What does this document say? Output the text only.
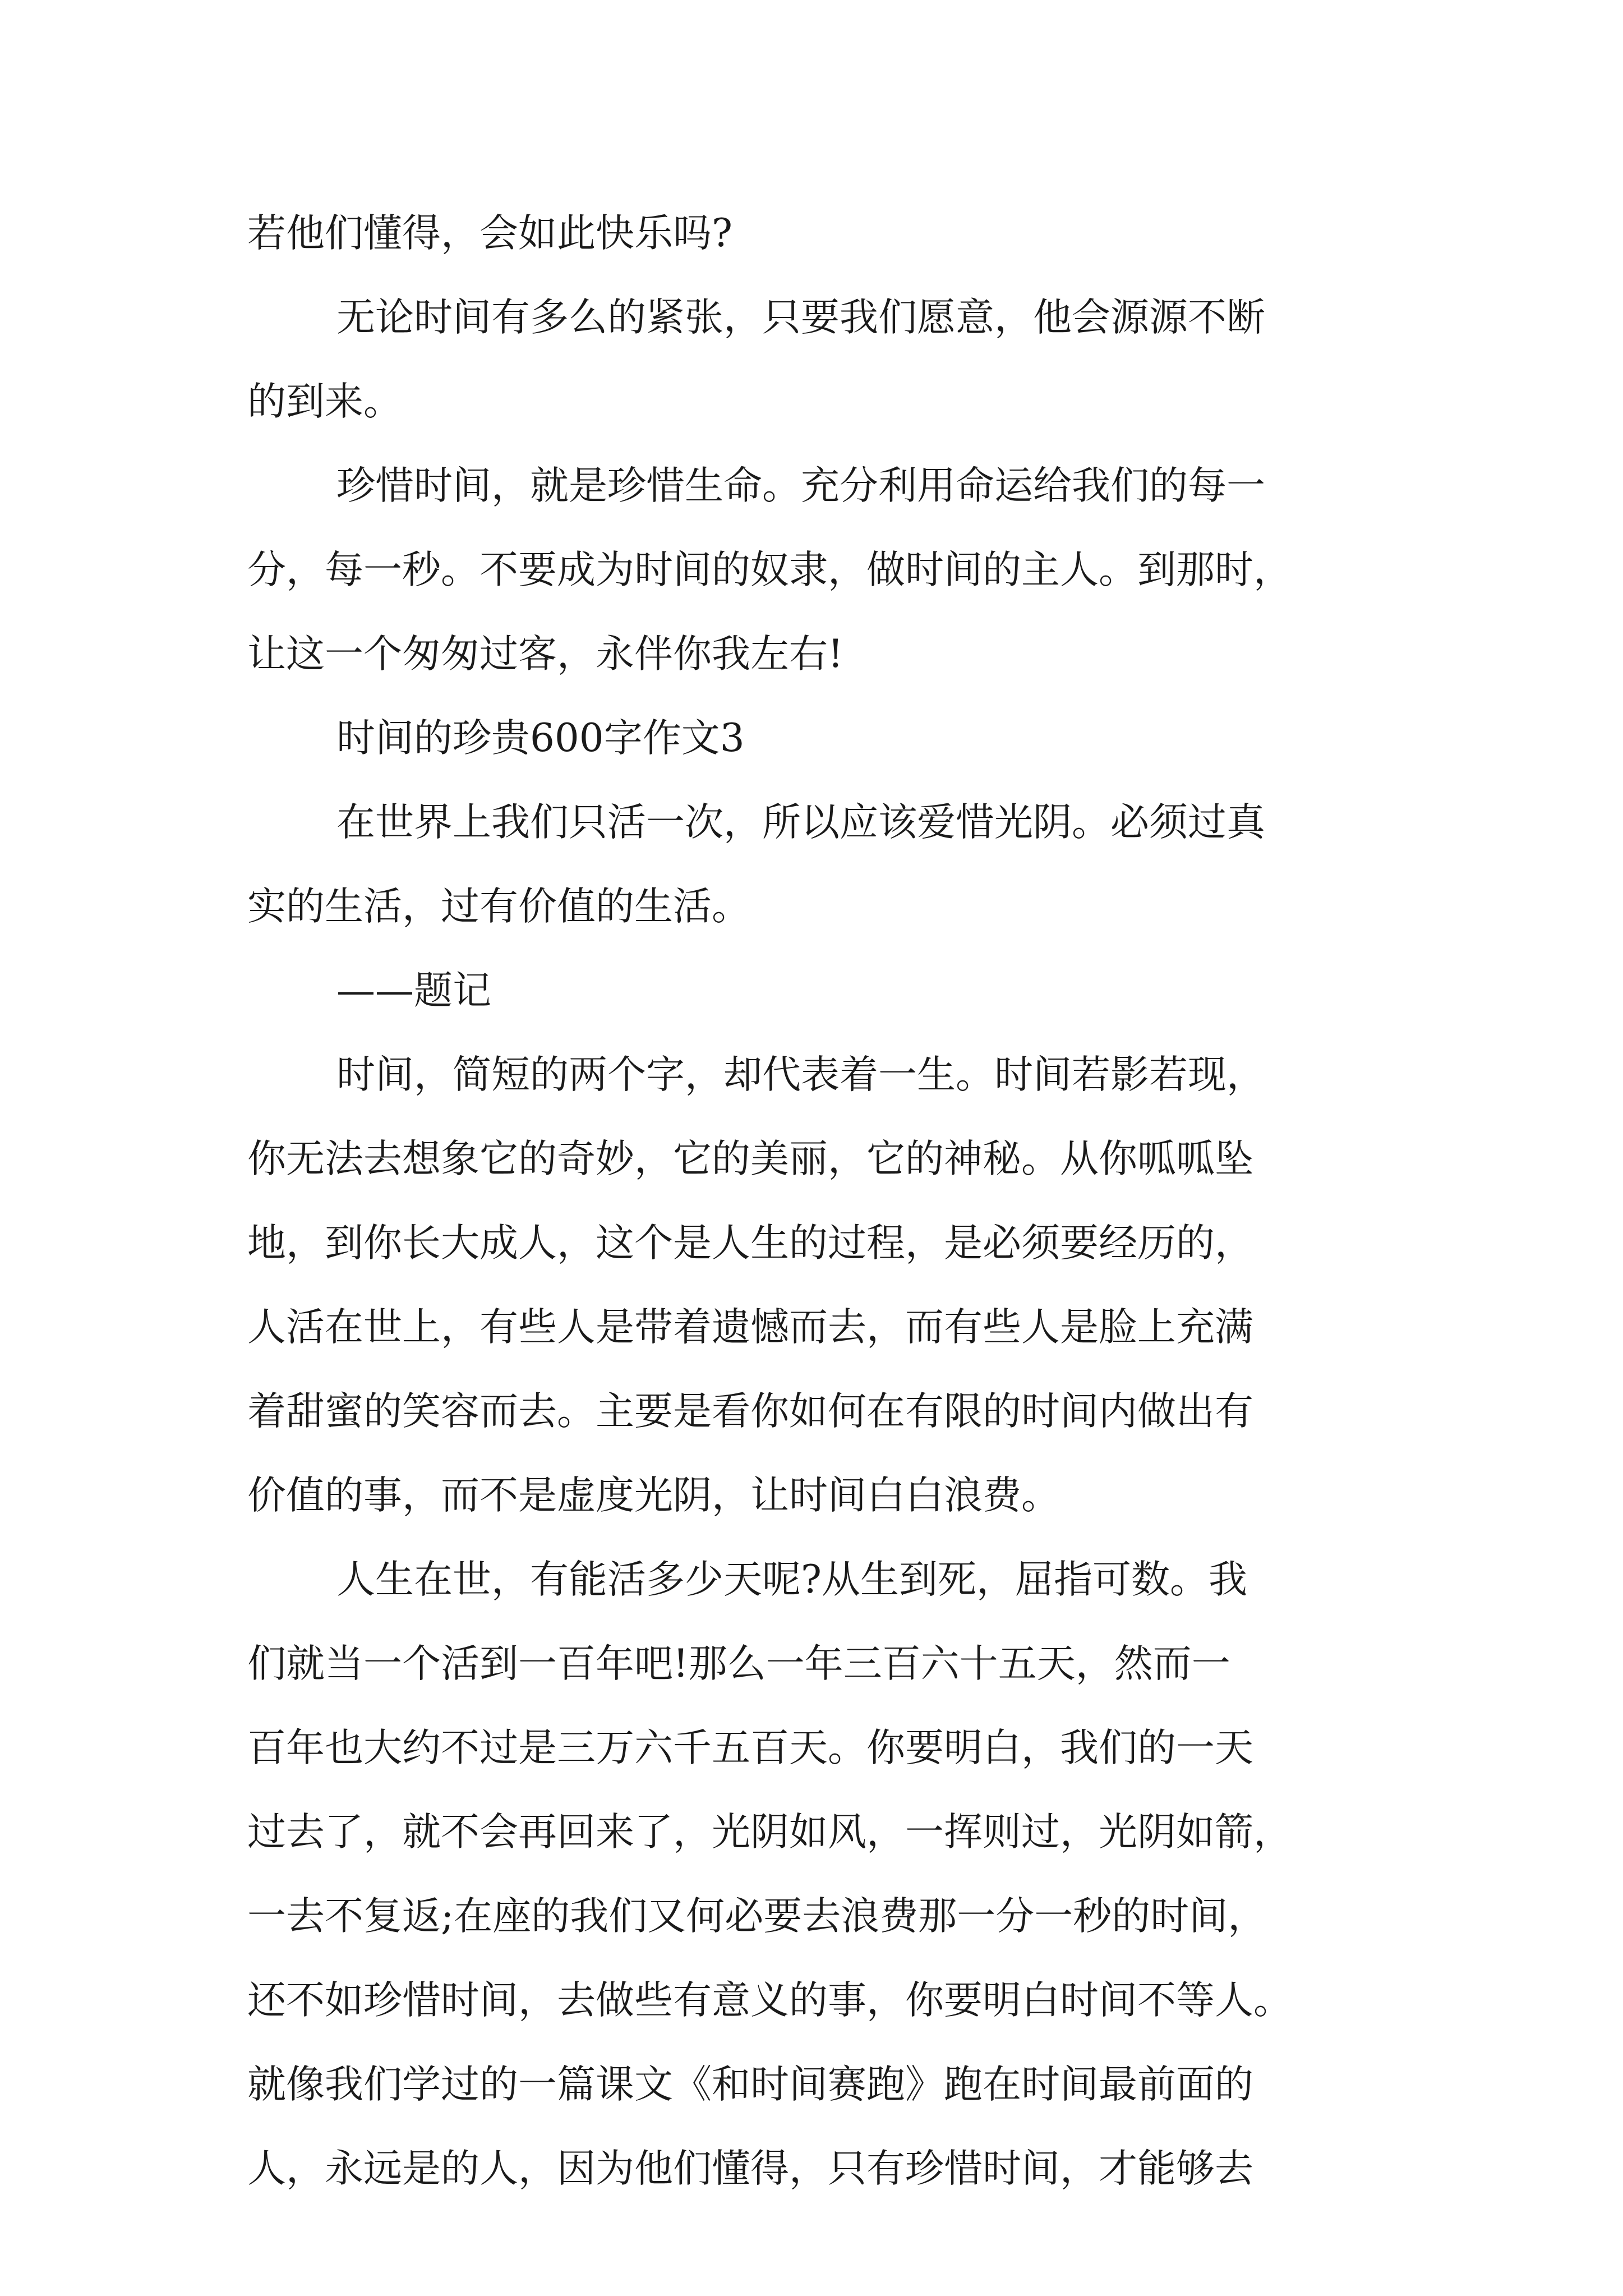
若他们懂得，会如此快乐吗?

无论时间有多么的紧张，只要我们愿意，他会源源不断

的到来。

珍惜时间，就是珍惜生命。充分利用命运给我们的每一

分，每一秒。不要成为时间的奴隶，做时间的主人。到那时，

让这一个匆匆过客，永伴你我左右!

时间的珍贵600字作文3

在世界上我们只活一次，所以应该爱惜光阴。必须过真

实的生活，过有价值的生活。

——题记

时间，简短的两个字，却代表着一生。时间若影若现，

你无法去想象它的奇妙，它的美丽，它的神秘。从你呱呱坠

地，到你长大成人，这个是人生的过程，是必须要经历的，

人活在世上，有些人是带着遗憾而去，而有些人是脸上充满

着甜蜜的笑容而去。主要是看你如何在有限的时间内做出有

价值的事，而不是虚度光阴，让时间白白浪费。

人生在世，有能活多少天呢?从生到死，屈指可数。我

们就当一个活到一百年吧!那么一年三百六十五天，然而一

百年也大约不过是三万六千五百天。你要明白，我们的一天

过去了，就不会再回来了，光阴如风，一挥则过，光阴如箭，

一去不复返;在座的我们又何必要去浪费那一分一秒的时间，

还不如珍惜时间，去做些有意义的事，你要明白时间不等人。

就像我们学过的一篇课文《和时间赛跑》跑在时间最前面的

人，永远是的人，因为他们懂得，只有珍惜时间，才能够去
